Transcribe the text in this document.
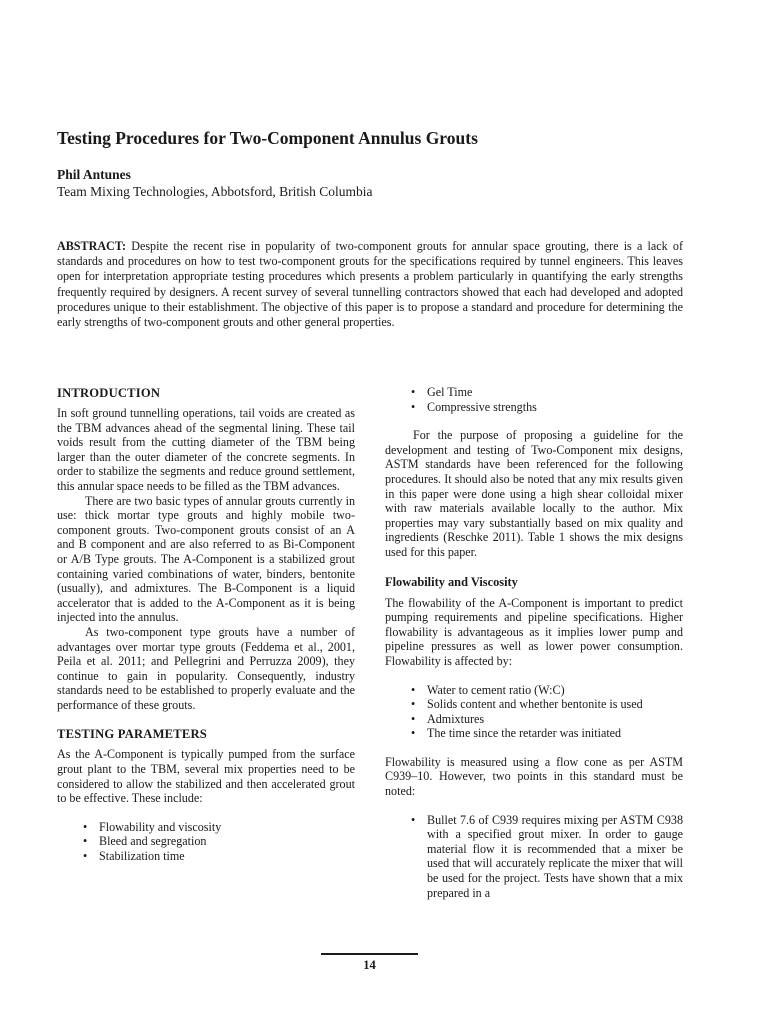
Testing Procedures for Two-Component Annulus Grouts
Phil Antunes
Team Mixing Technologies, Abbotsford, British Columbia

ABSTRACT: Despite the recent rise in popularity of two-component grouts for annular space grouting, there is a lack of standards and procedures on how to test two-component grouts for the specifications required by tunnel engineers. This leaves open for interpretation appropriate testing procedures which presents a problem particularly in quantifying the early strengths frequently required by designers. A recent survey of several tunnelling contractors showed that each had developed and adopted procedures unique to their establishment. The objective of this paper is to propose a standard and procedure for determining the early strengths of two-component grouts and other general properties.

INTRODUCTION

In soft ground tunnelling operations, tail voids are created as the TBM advances ahead of the segmental lining. These tail voids result from the cutting diameter of the TBM being larger than the outer diameter of the concrete segments. In order to stabilize the segments and reduce ground settlement, this annular space needs to be filled as the TBM advances.

There are two basic types of annular grouts currently in use: thick mortar type grouts and highly mobile two-component grouts. Two-component grouts consist of an A and B component and are also referred to as Bi-Component or A/B Type grouts. The A-Component is a stabilized grout containing varied combinations of water, binders, bentonite (usually), and admixtures. The B-Component is a liquid accelerator that is added to the A-Component as it is being injected into the annulus.

As two-component type grouts have a number of advantages over mortar type grouts (Feddema et al., 2001, Peila et al. 2011; and Pellegrini and Perruzza 2009), they continue to gain in popularity. Consequently, industry standards need to be established to properly evaluate and the performance of these grouts.

TESTING PARAMETERS

As the A-Component is typically pumped from the surface grout plant to the TBM, several mix properties need to be considered to allow the stabilized and then accelerated grout to be effective. These include:

• Flowability and viscosity
• Bleed and segregation
• Stabilization time
• Gel Time
• Compressive strengths

For the purpose of proposing a guideline for the development and testing of Two-Component mix designs, ASTM standards have been referenced for the following procedures. It should also be noted that any mix results given in this paper were done using a high shear colloidal mixer with raw materials available locally to the author. Mix properties may vary substantially based on mix quality and ingredients (Reschke 2011). Table 1 shows the mix designs used for this paper.

Flowability and Viscosity

The flowability of the A-Component is important to predict pumping requirements and pipeline specifications. Higher flowability is advantageous as it implies lower pump and pipeline pressures as well as lower power consumption. Flowability is affected by:

• Water to cement ratio (W:C)
• Solids content and whether bentonite is used
• Admixtures
• The time since the retarder was initiated

Flowability is measured using a flow cone as per ASTM C939–10. However, two points in this standard must be noted:

• Bullet 7.6 of C939 requires mixing per ASTM C938 with a specified grout mixer. In order to gauge material flow it is recommended that a mixer be used that will accurately replicate the mixer that will be used for the project. Tests have shown that a mix prepared in a
14
